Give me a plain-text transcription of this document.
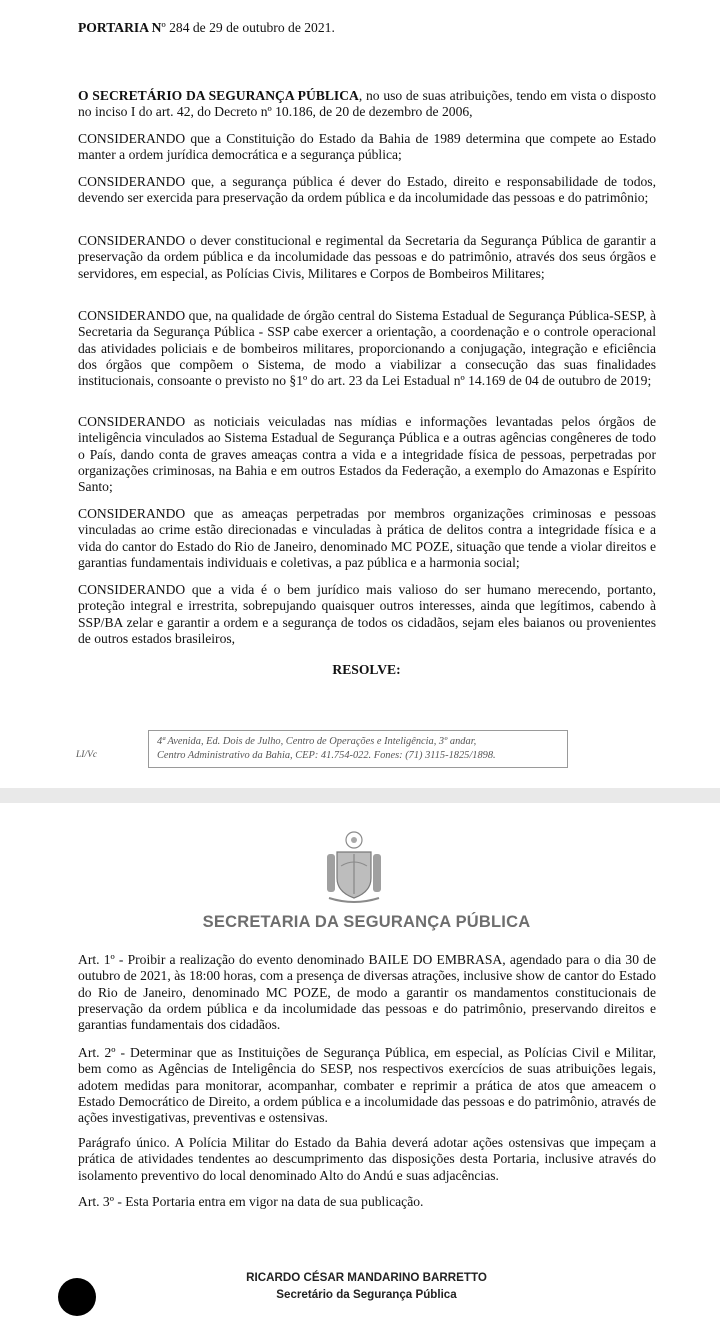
PORTARIA Nº 284 de 29 de outubro de 2021.

O SECRETÁRIO DA SEGURANÇA PÚBLICA, no uso de suas atribuições, tendo em vista o disposto no inciso I do art. 42, do Decreto nº 10.186, de 20 de dezembro de 2006,

CONSIDERANDO que a Constituição do Estado da Bahia de 1989 determina que compete ao Estado manter a ordem jurídica democrática e a segurança pública;

CONSIDERANDO que, a segurança pública é dever do Estado, direito e responsabilidade de todos, devendo ser exercida para preservação da ordem pública e da incolumidade das pessoas e do patrimônio;

CONSIDERANDO o dever constitucional e regimental da Secretaria da Segurança Pública de garantir a preservação da ordem pública e da incolumidade das pessoas e do patrimônio, através dos seus órgãos e servidores, em especial, as Polícias Civis, Militares e Corpos de Bombeiros Militares;

CONSIDERANDO que, na qualidade de órgão central do Sistema Estadual de Segurança Pública-SESP, à Secretaria da Segurança Pública - SSP cabe exercer a orientação, a coordenação e o controle operacional das atividades policiais e de bombeiros militares, proporcionando a conjugação, integração e eficiência dos órgãos que compõem o Sistema, de modo a viabilizar a consecução das suas finalidades institucionais, consoante o previsto no §1º do art. 23 da Lei Estadual nº 14.169 de 04 de outubro de 2019;

CONSIDERANDO as noticiais veiculadas nas mídias e informações levantadas pelos órgãos de inteligência vinculados ao Sistema Estadual de Segurança Pública e a outras agências congêneres de todo o País, dando conta de graves ameaças contra a vida e a integridade física de pessoas, perpetradas por organizações criminosas, na Bahia e em outros Estados da Federação, a exemplo do Amazonas e Espírito Santo;

CONSIDERANDO que as ameaças perpetradas por membros organizações criminosas e pessoas vinculadas ao crime estão direcionadas e vinculadas à prática de delitos contra a integridade física e a vida do cantor do Estado do Rio de Janeiro, denominado MC POZE, situação que tende a violar direitos e garantias fundamentais individuais e coletivas, a paz pública e a harmonia social;

CONSIDERANDO que a vida é o bem jurídico mais valioso do ser humano merecendo, portanto, proteção integral e irrestrita, sobrepujando quaisquer outros interesses, ainda que legítimos, cabendo à SSP/BA zelar e garantir a ordem e a segurança de todos os cidadãos, sejam eles baianos ou provenientes de outros estados brasileiros,

RESOLVE:
LI/Vc
4ª Avenida, Ed. Dois de Julho, Centro de Operações e Inteligência, 3º andar,
Centro Administrativo da Bahia, CEP: 41.754-022. Fones: (71) 3115-1825/1898.
SECRETARIA DA SEGURANÇA PÚBLICA

Art. 1º - Proibir a realização do evento denominado BAILE DO EMBRASA, agendado para o dia 30 de outubro de 2021, às 18:00 horas, com a presença de diversas atrações, inclusive show de cantor do Estado do Rio de Janeiro, denominado MC POZE, de modo a garantir os mandamentos constitucionais de preservação da ordem pública e da incolumidade das pessoas e do patrimônio, preservando direitos e garantias fundamentais dos cidadãos.

Art. 2º - Determinar que as Instituições de Segurança Pública, em especial, as Polícias Civil e Militar, bem como as Agências de Inteligência do SESP, nos respectivos exercícios de suas atribuições legais, adotem medidas para monitorar, acompanhar, combater e reprimir a prática de atos que ameacem o Estado Democrático de Direito, a ordem pública e a incolumidade das pessoas e do patrimônio, através de ações investigativas, preventivas e ostensivas.

Parágrafo único. A Polícia Militar do Estado da Bahia deverá adotar ações ostensivas que impeçam a prática de atividades tendentes ao descumprimento das disposições desta Portaria, inclusive através do isolamento preventivo do local denominado Alto do Andú e suas adjacências.

Art. 3º - Esta Portaria entra em vigor na data de sua publicação.

RICARDO CÉSAR MANDARINO BARRETTO
Secretário da Segurança Pública
